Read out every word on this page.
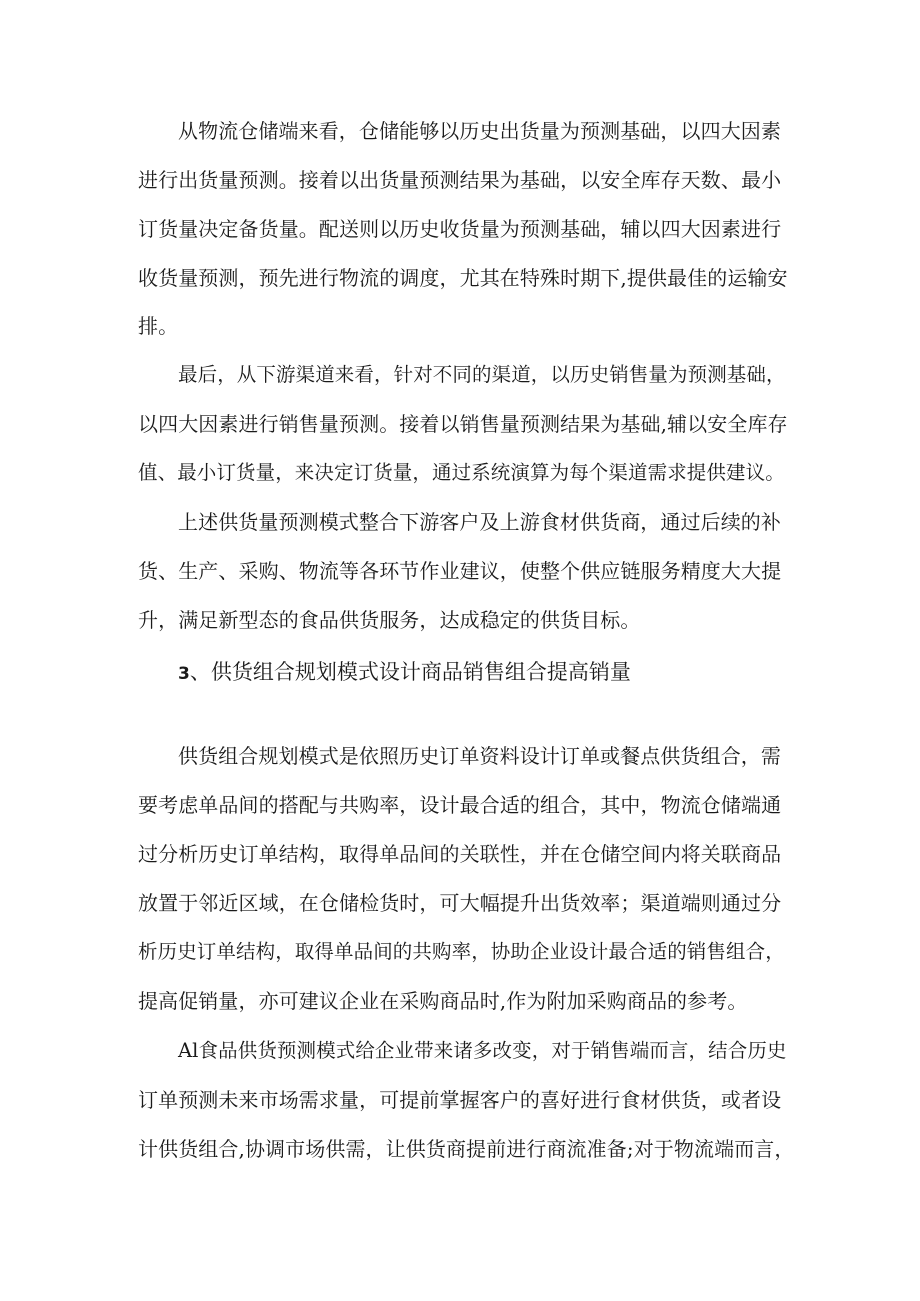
从物流仓储端来看，仓储能够以历史出货量为预测基础，以四大因素
进行出货量预测。接着以出货量预测结果为基础，以安全库存天数、最小
订货量决定备货量。配送则以历史收货量为预测基础，辅以四大因素进行
收货量预测，预先进行物流的调度，尤其在特殊时期下,提供最佳的运输安
排。
最后，从下游渠道来看，针对不同的渠道，以历史销售量为预测基础，
以四大因素进行销售量预测。接着以销售量预测结果为基础,辅以安全库存
值、最小订货量，来决定订货量，通过系统演算为每个渠道需求提供建议。
上述供货量预测模式整合下游客户及上游食材供货商，通过后续的补
货、生产、采购、物流等各环节作业建议，使整个供应链服务精度大大提
升，满足新型态的食品供货服务，达成稳定的供货目标。
3、供货组合规划模式设计商品销售组合提高销量
供货组合规划模式是依照历史订单资料设计订单或餐点供货组合，需
要考虑单品间的搭配与共购率，设计最合适的组合，其中，物流仓储端通
过分析历史订单结构，取得单品间的关联性，并在仓储空间内将关联商品
放置于邻近区域，在仓储检货时，可大幅提升出货效率；渠道端则通过分
析历史订单结构，取得单品间的共购率，协助企业设计最合适的销售组合，
提高促销量，亦可建议企业在采购商品时,作为附加采购商品的参考。
Al食品供货预测模式给企业带来诸多改变，对于销售端而言，结合历史
订单预测未来市场需求量，可提前掌握客户的喜好进行食材供货，或者设
计供货组合,协调市场供需，让供货商提前进行商流准备;对于物流端而言，
